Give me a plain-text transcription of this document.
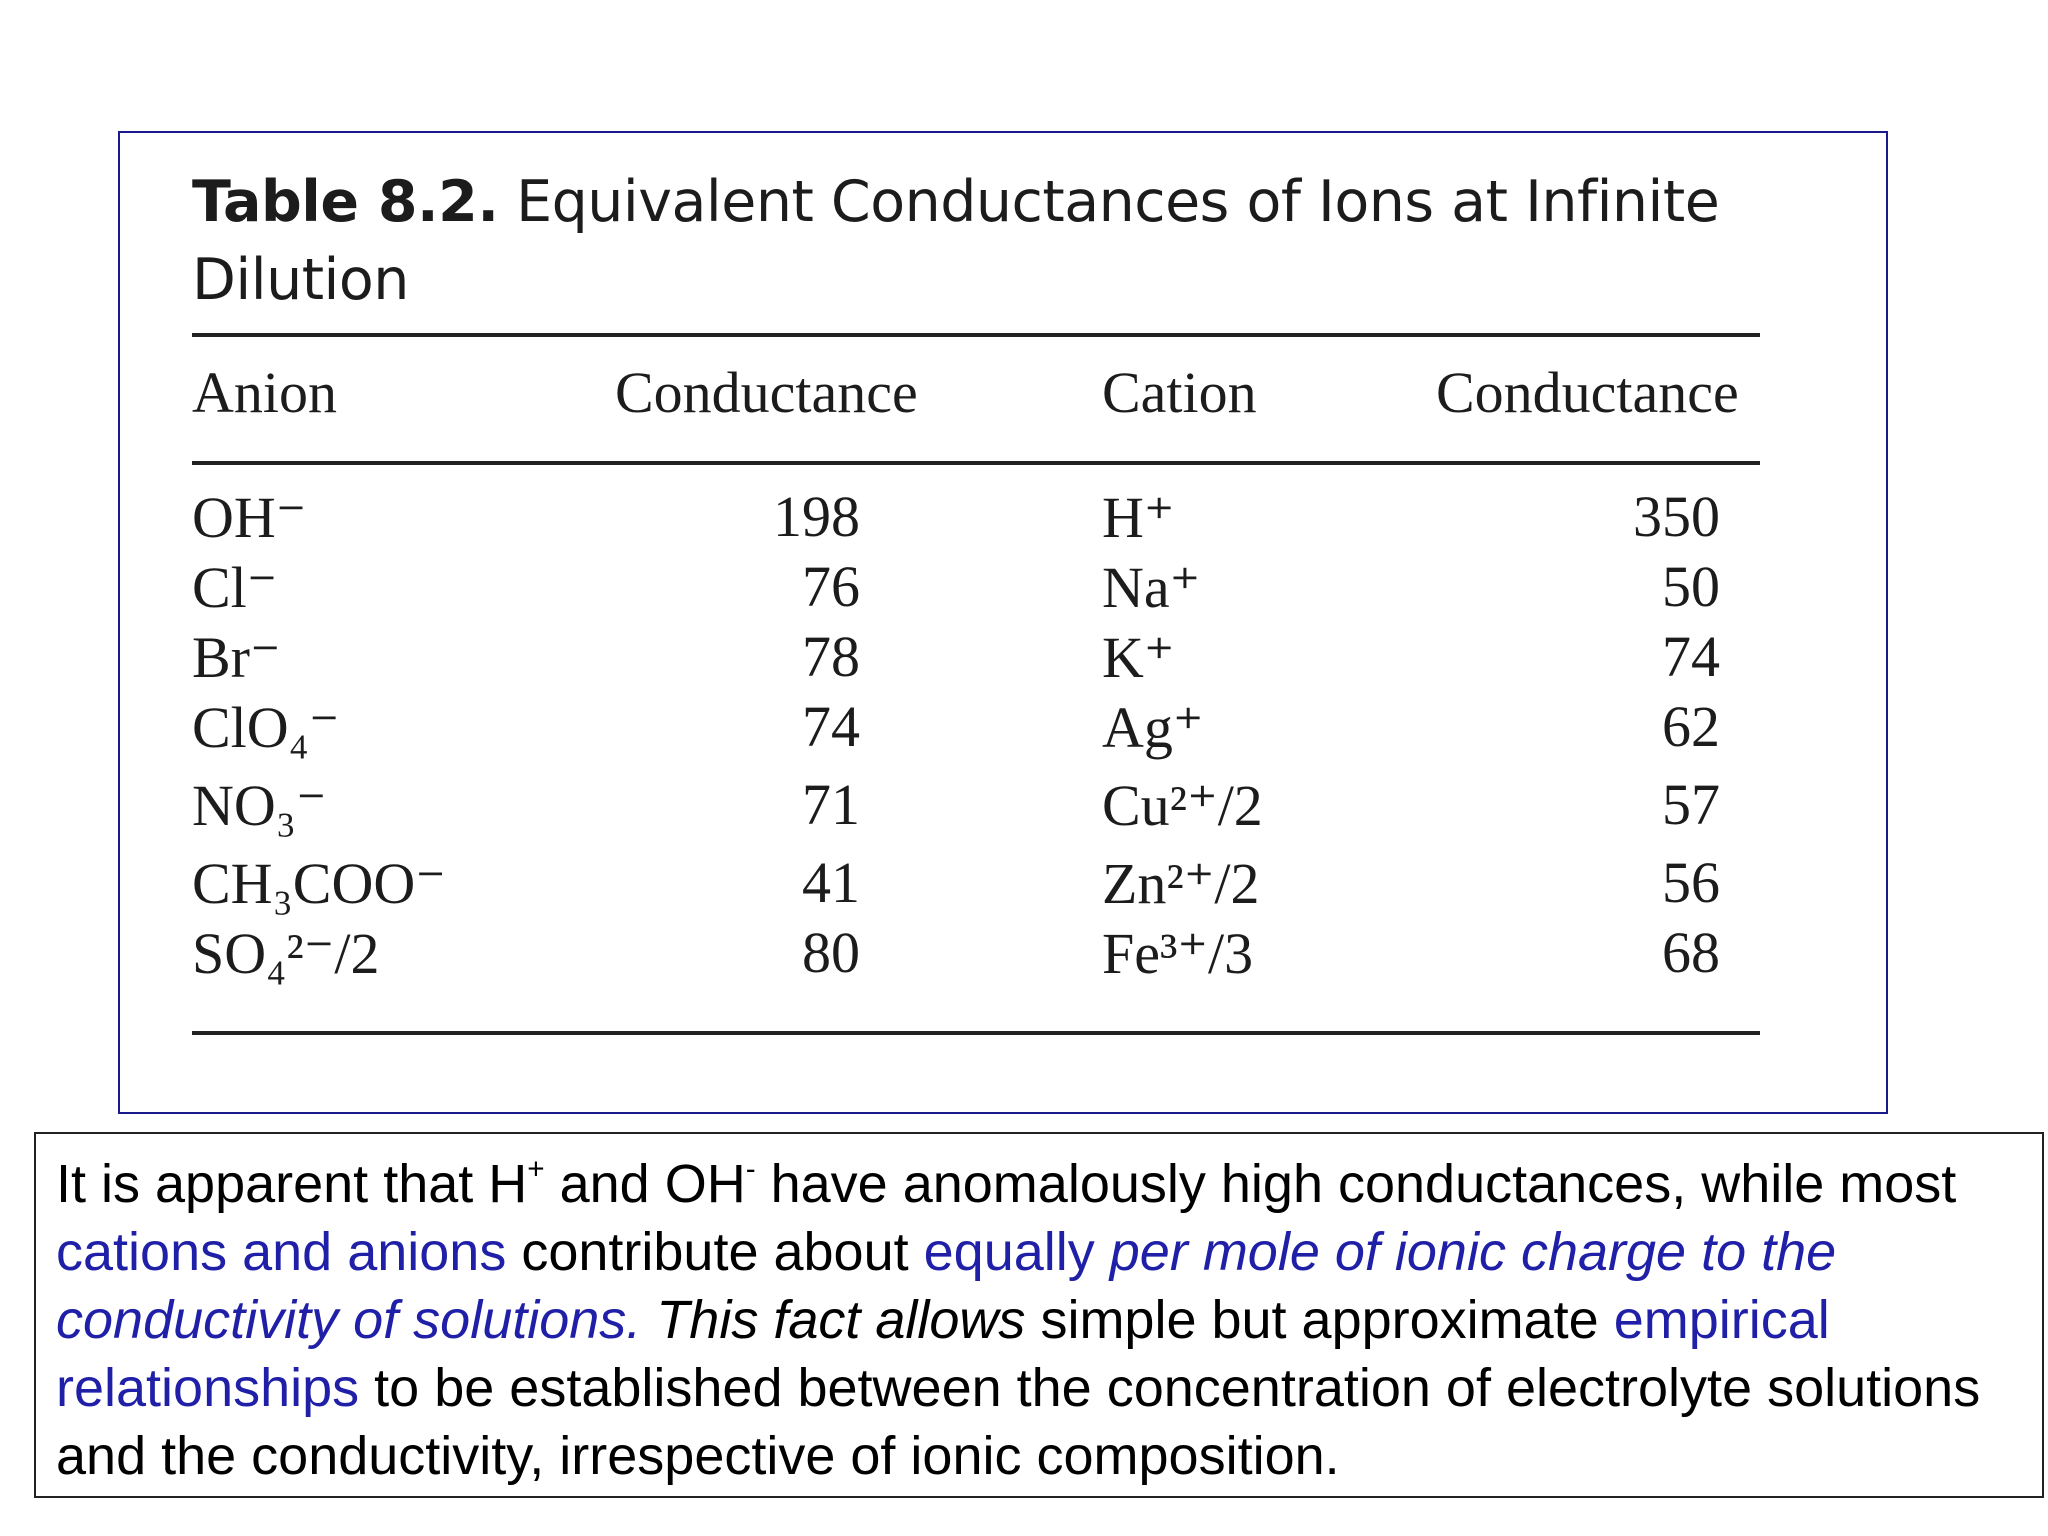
Table 8.2. Equivalent Conductances of Ions at Infinite Dilution
Anion	Conductance	Cation	Conductance
OH⁻	198	H⁺	350
Cl⁻	76	Na⁺	50
Br⁻	78	K⁺	74
ClO₄⁻	74	Ag⁺	62
NO₃⁻	71	Cu²⁺/2	57
CH₃COO⁻	41	Zn²⁺/2	56
SO₄²⁻/2	80	Fe³⁺/3	68
It is apparent that H+ and OH- have anomalously high conductances, while most cations and anions contribute about equally per mole of ionic charge to the conductivity of solutions. This fact allows simple but approximate empirical relationships to be established between the concentration of electrolyte solutions and the conductivity, irrespective of ionic composition.
